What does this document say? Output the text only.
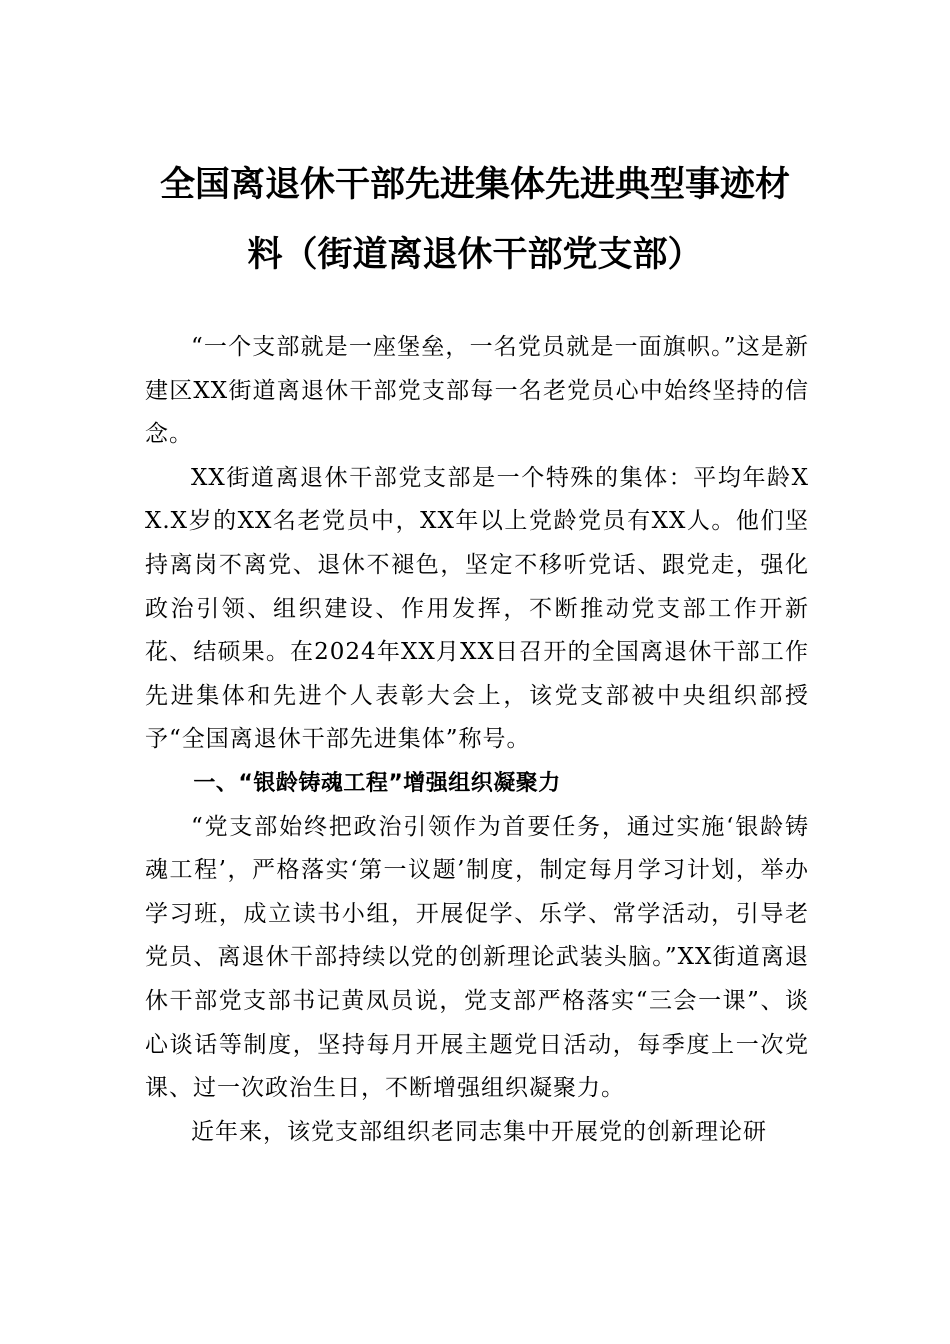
全国离退休干部先进集体先进典型事迹材
料（街道离退休干部党支部）

“一个支部就是一座堡垒，一名党员就是一面旗帜。”这是新建区XX街道离退休干部党支部每一名老党员心中始终坚持的信念。

XX街道离退休干部党支部是一个特殊的集体：平均年龄XX.X岁的XX名老党员中，XX年以上党龄党员有XX人。他们坚持离岗不离党、退休不褪色，坚定不移听党话、跟党走，强化政治引领、组织建设、作用发挥，不断推动党支部工作开新花、结硕果。在2024年XX月XX日召开的全国离退休干部工作先进集体和先进个人表彰大会上，该党支部被中央组织部授予“全国离退休干部先进集体”称号。

一、“银龄铸魂工程”增强组织凝聚力

“党支部始终把政治引领作为首要任务，通过实施‘银龄铸魂工程’，严格落实‘第一议题’制度，制定每月学习计划，举办学习班，成立读书小组，开展促学、乐学、常学活动，引导老党员、离退休干部持续以党的创新理论武装头脑。”XX街道离退休干部党支部书记黄凤员说，党支部严格落实“三会一课”、谈心谈话等制度，坚持每月开展主题党日活动，每季度上一次党课、过一次政治生日，不断增强组织凝聚力。

近年来，该党支部组织老同志集中开展党的创新理论研
